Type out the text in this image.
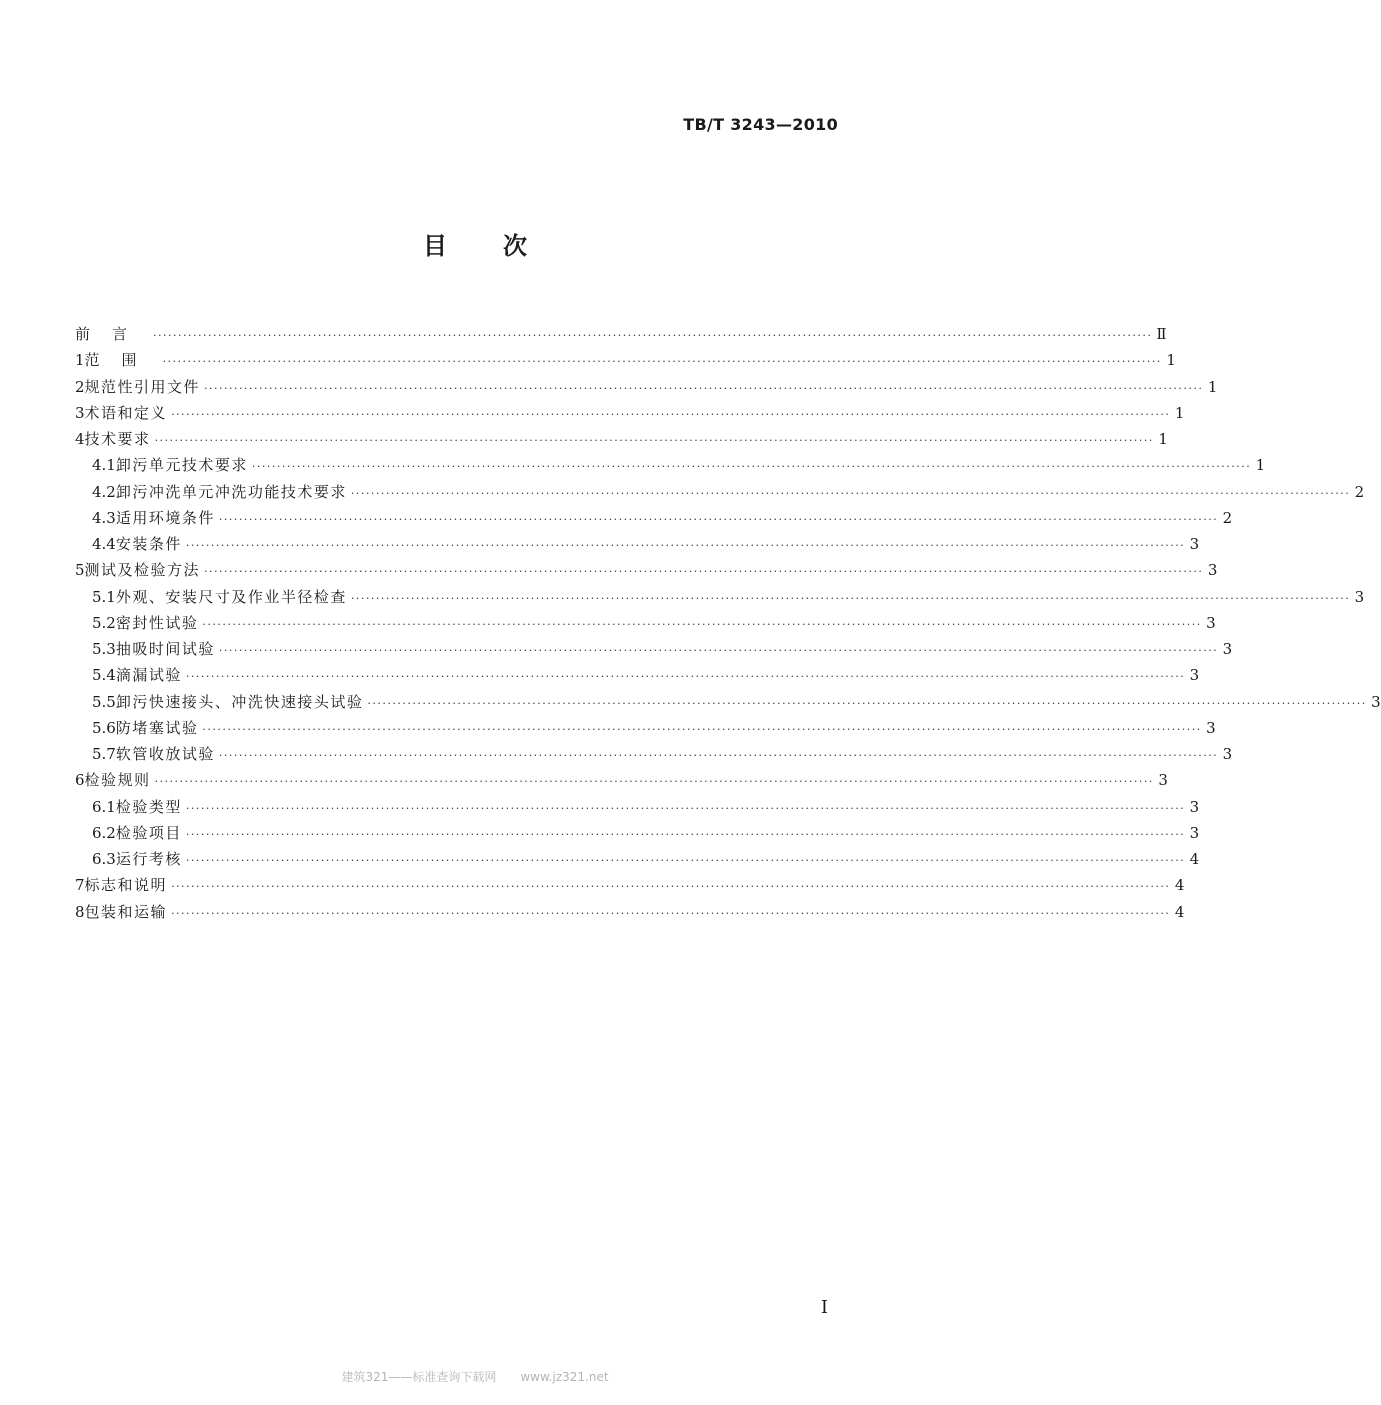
TB/T 3243—2010
目次
前言 ········································································································································································································ Ⅱ
1 范围 ········································································································································································································ 1
2 规范性引用文件 ········································································································································································································ 1
3 术语和定义 ········································································································································································································ 1
4 技术要求 ········································································································································································································ 1
4.1 卸污单元技术要求 ········································································································································································································ 1
4.2 卸污冲洗单元冲洗功能技术要求 ········································································································································································································ 2
4.3 适用环境条件 ········································································································································································································ 2
4.4 安装条件 ········································································································································································································ 3
5 测试及检验方法 ········································································································································································································ 3
5.1 外观、安装尺寸及作业半径检查 ········································································································································································································ 3
5.2 密封性试验 ········································································································································································································ 3
5.3 抽吸时间试验 ········································································································································································································ 3
5.4 滴漏试验 ········································································································································································································ 3
5.5 卸污快速接头、冲洗快速接头试验 ········································································································································································································ 3
5.6 防堵塞试验 ········································································································································································································ 3
5.7 软管收放试验 ········································································································································································································ 3
6 检验规则 ········································································································································································································ 3
6.1 检验类型 ········································································································································································································ 3
6.2 检验项目 ········································································································································································································ 3
6.3 运行考核 ········································································································································································································ 4
7 标志和说明 ········································································································································································································ 4
8 包装和运输 ········································································································································································································ 4
I
建筑321——标准查询下载网　　www.jz321.net
